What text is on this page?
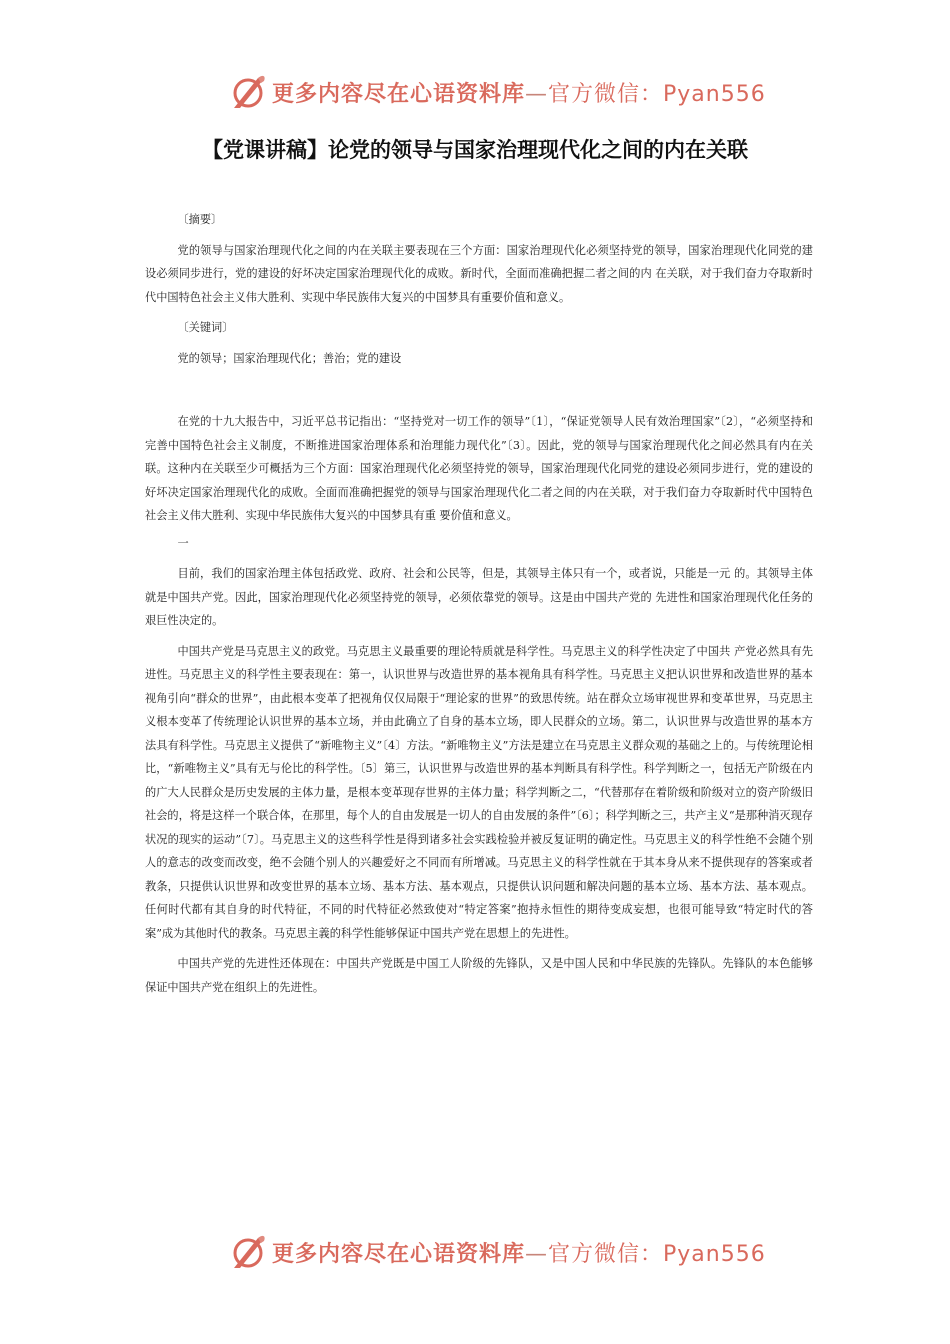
更多内容尽在心语资料库—官方微信：Pyan556
【党课讲稿】论党的领导与国家治理现代化之间的内在关联

〔摘要〕

党的领导与国家治理现代化之间的内在关联主要表现在三个方面：国家治理现代化必须坚持党的领导，国家治理现代化同党的建设必须同步进行，党的建设的好坏决定国家治理现代化的成败。新时代，全面而准确把握二者之间的内 在关联，对于我们奋力夺取新时代中国特色社会主义伟大胜利、实现中华民族伟大复兴的中国梦具有重要价值和意义。

〔关键词〕

党的领导；国家治理现代化；善治；党的建设

在党的十九大报告中，习近平总书记指出：“坚持党对一切工作的领导”〔1〕，“保证党领导人民有效治理国家”〔2〕，“必须坚持和完善中国特色社会主义制度，不断推进国家治理体系和治理能力现代化”〔3〕。因此，党的领导与国家治理现代化之间必然具有内在关联。这种内在关联至少可概括为三个方面：国家治理现代化必须坚持党的领导，国家治理现代化同党的建设必须同步进行，党的建设的好坏决定国家治理现代化的成败。全面而准确把握党的领导与国家治理现代化二者之间的内在关联，对于我们奋力夺取新时代中国特色社会主义伟大胜利、实现中华民族伟大复兴的中国梦具有重 要价值和意义。

一

目前，我们的国家治理主体包括政党、政府、社会和公民等，但是，其领导主体只有一个，或者说，只能是一元 的。其领导主体就是中国共产党。因此，国家治理现代化必须坚持党的领导，必须依靠党的领导。这是由中国共产党的 先进性和国家治理现代化任务的艰巨性决定的。

中国共产党是马克思主义的政党。马克思主义最重要的理论特质就是科学性。马克思主义的科学性决定了中国共 产党必然具有先进性。马克思主义的科学性主要表现在：第一，认识世界与改造世界的基本视角具有科学性。马克思主义把认识世界和改造世界的基本视角引向“群众的世界”，由此根本变革了把视角仅仅局限于“理论家的世界”的致思传统。站在群众立场审视世界和变革世界，马克思主义根本变革了传统理论认识世界的基本立场，并由此确立了自身的基本立场，即人民群众的立场。第二，认识世界与改造世界的基本方法具有科学性。马克思主义提供了“新唯物主义”〔4〕方法。“新唯物主义”方法是建立在马克思主义群众观的基础之上的。与传统理论相比，“新唯物主义”具有无与伦比的科学性。〔5〕第三，认识世界与改造世界的基本判断具有科学性。科学判断之一，包括无产阶级在内的广大人民群众是历史发展的主体力量，是根本变革现存世界的主体力量；科学判断之二，“代替那存在着阶级和阶级对立的资产阶级旧社会的，将是这样一个联合体，在那里，每个人的自由发展是一切人的自由发展的条件”〔6〕；科学判断之三，共产主义“是那种消灭现存状况的现实的运动”〔7〕。马克思主义的这些科学性是得到诸多社会实践检验并被反复证明的确定性。马克思主义的科学性绝不会随个别人的意志的改变而改变，绝不会随个别人的兴趣爱好之不同而有所增减。马克思主义的科学性就在于其本身从来不提供现存的答案或者教条，只提供认识世界和改变世界的基本立场、基本方法、基本观点，只提供认识问题和解决问题的基本立场、基本方法、基本观点。任何时代都有其自身的时代特征，不同的时代特征必然致使对“特定答案”抱持永恒性的期待变成妄想，也很可能导致“特定时代的答案”成为其他时代的教条。马克思主義的科学性能够保证中国共产党在思想上的先进性。

中国共产党的先进性还体现在：中国共产党既是中国工人阶级的先锋队，又是中国人民和中华民族的先锋队。先锋队的本色能够保证中国共产党在组织上的先进性。

更多内容尽在心语资料库—官方微信：Pyan556
